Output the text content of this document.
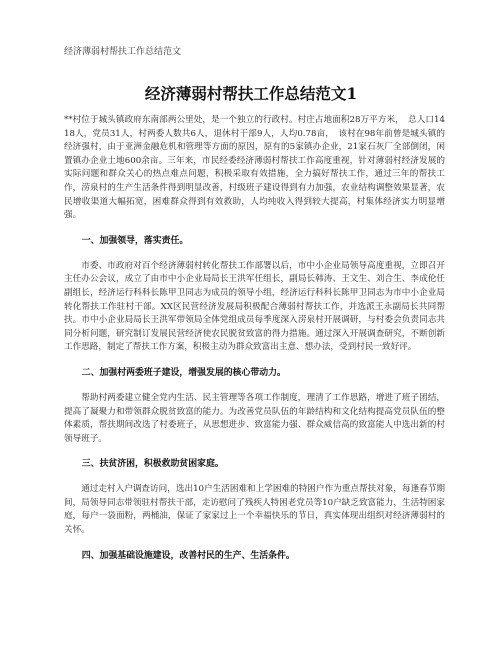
经济薄弱村帮扶工作总结范文
经济薄弱村帮扶工作总结范文1

**村位于城头镇政府东南部两公里处，是一个独立的行政村。村庄占地面积28万平方米，　总人口1418人，党员31人，村两委人数共6人，退休村干部9人，人均0.78亩，　该村在98年前曾是城头镇的经济强村，由于亚洲金融危机和管理等方面的原因，原有的5家镇办企业，21家石灰厂全部倒闭，闲置镇办企业土地600余亩。三年来，市民经委经济薄弱村帮扶工作高度重视，针对薄弱村经济发展的实际问题和群众关心的热点难点问题，积极采取有效措施，全力搞好帮扶工作，通过三年的帮扶工作，涝泉村的生产生活条件得到明显改善，村级班子建设得到有力加强，农业结构调整效果显著，农民增收渠道大幅拓宽，困难群众得到有效救助，人均纯收入得到较大提高，村集体经济实力明显增强。

一、加强领导，落实责任。

市委、市政府对百个经济薄弱村转化帮扶工作部署以后，市中小企业局领导高度重视，立即召开主任办公会议，成立了由市中小企业局局长王洪军任组长，副局长韩涛、王文生、刘合生、李成伦任副组长，经济运行科科长陈甲卫同志为成员的领导小组，经济运行科科长陈甲卫同志为市中小企业局转化帮扶工作驻村干部。XX区民营经济发展局积极配合薄弱村帮扶工作，并选派王永副局长共同帮扶。市中小企业局局长王洪军带领局全体党组成员每季度深入涝泉村开展调研，与村委会负责同志共同分析问题，研究制订发展民营经济使农民脱贫致富的得力措施。通过深入开展调查研究，不断创新工作思路，制定了帮扶工作方案，积极主动为群众致富出主意、想办法，受到村民一致好评。

二、加强村两委班子建设，增强发展的核心带动力。

帮助村两委建立健全党内生活、民主管理等各项工作制度，理清了工作思路，增进了班子团结，提高了凝聚力和带领群众脱贫致富的能力。为改善党员队伍的年龄结构和文化结构提高党员队伍的整体素质，帮扶期间改选了村委班子，从思想进步、致富能力强、群众威信高的致富能人中选出新的村领导班子。

三、扶贫济困，积极救助贫困家庭。

通过走村入户调查访问，选出10户生活困难和上学困难的特困户作为重点帮扶对象，每逢春节期间，局领导同志带领驻村帮扶干部，走访慰问了残疾人特困老党员等10户缺乏致富能力，生活特困家庭，每户一袋面粉，两桶油，保证了家家过上一个幸福快乐的节日，真实体现出组织对经济薄弱村的关怀。

四、加强基础设施建设，改善村民的生产、生活条件。
